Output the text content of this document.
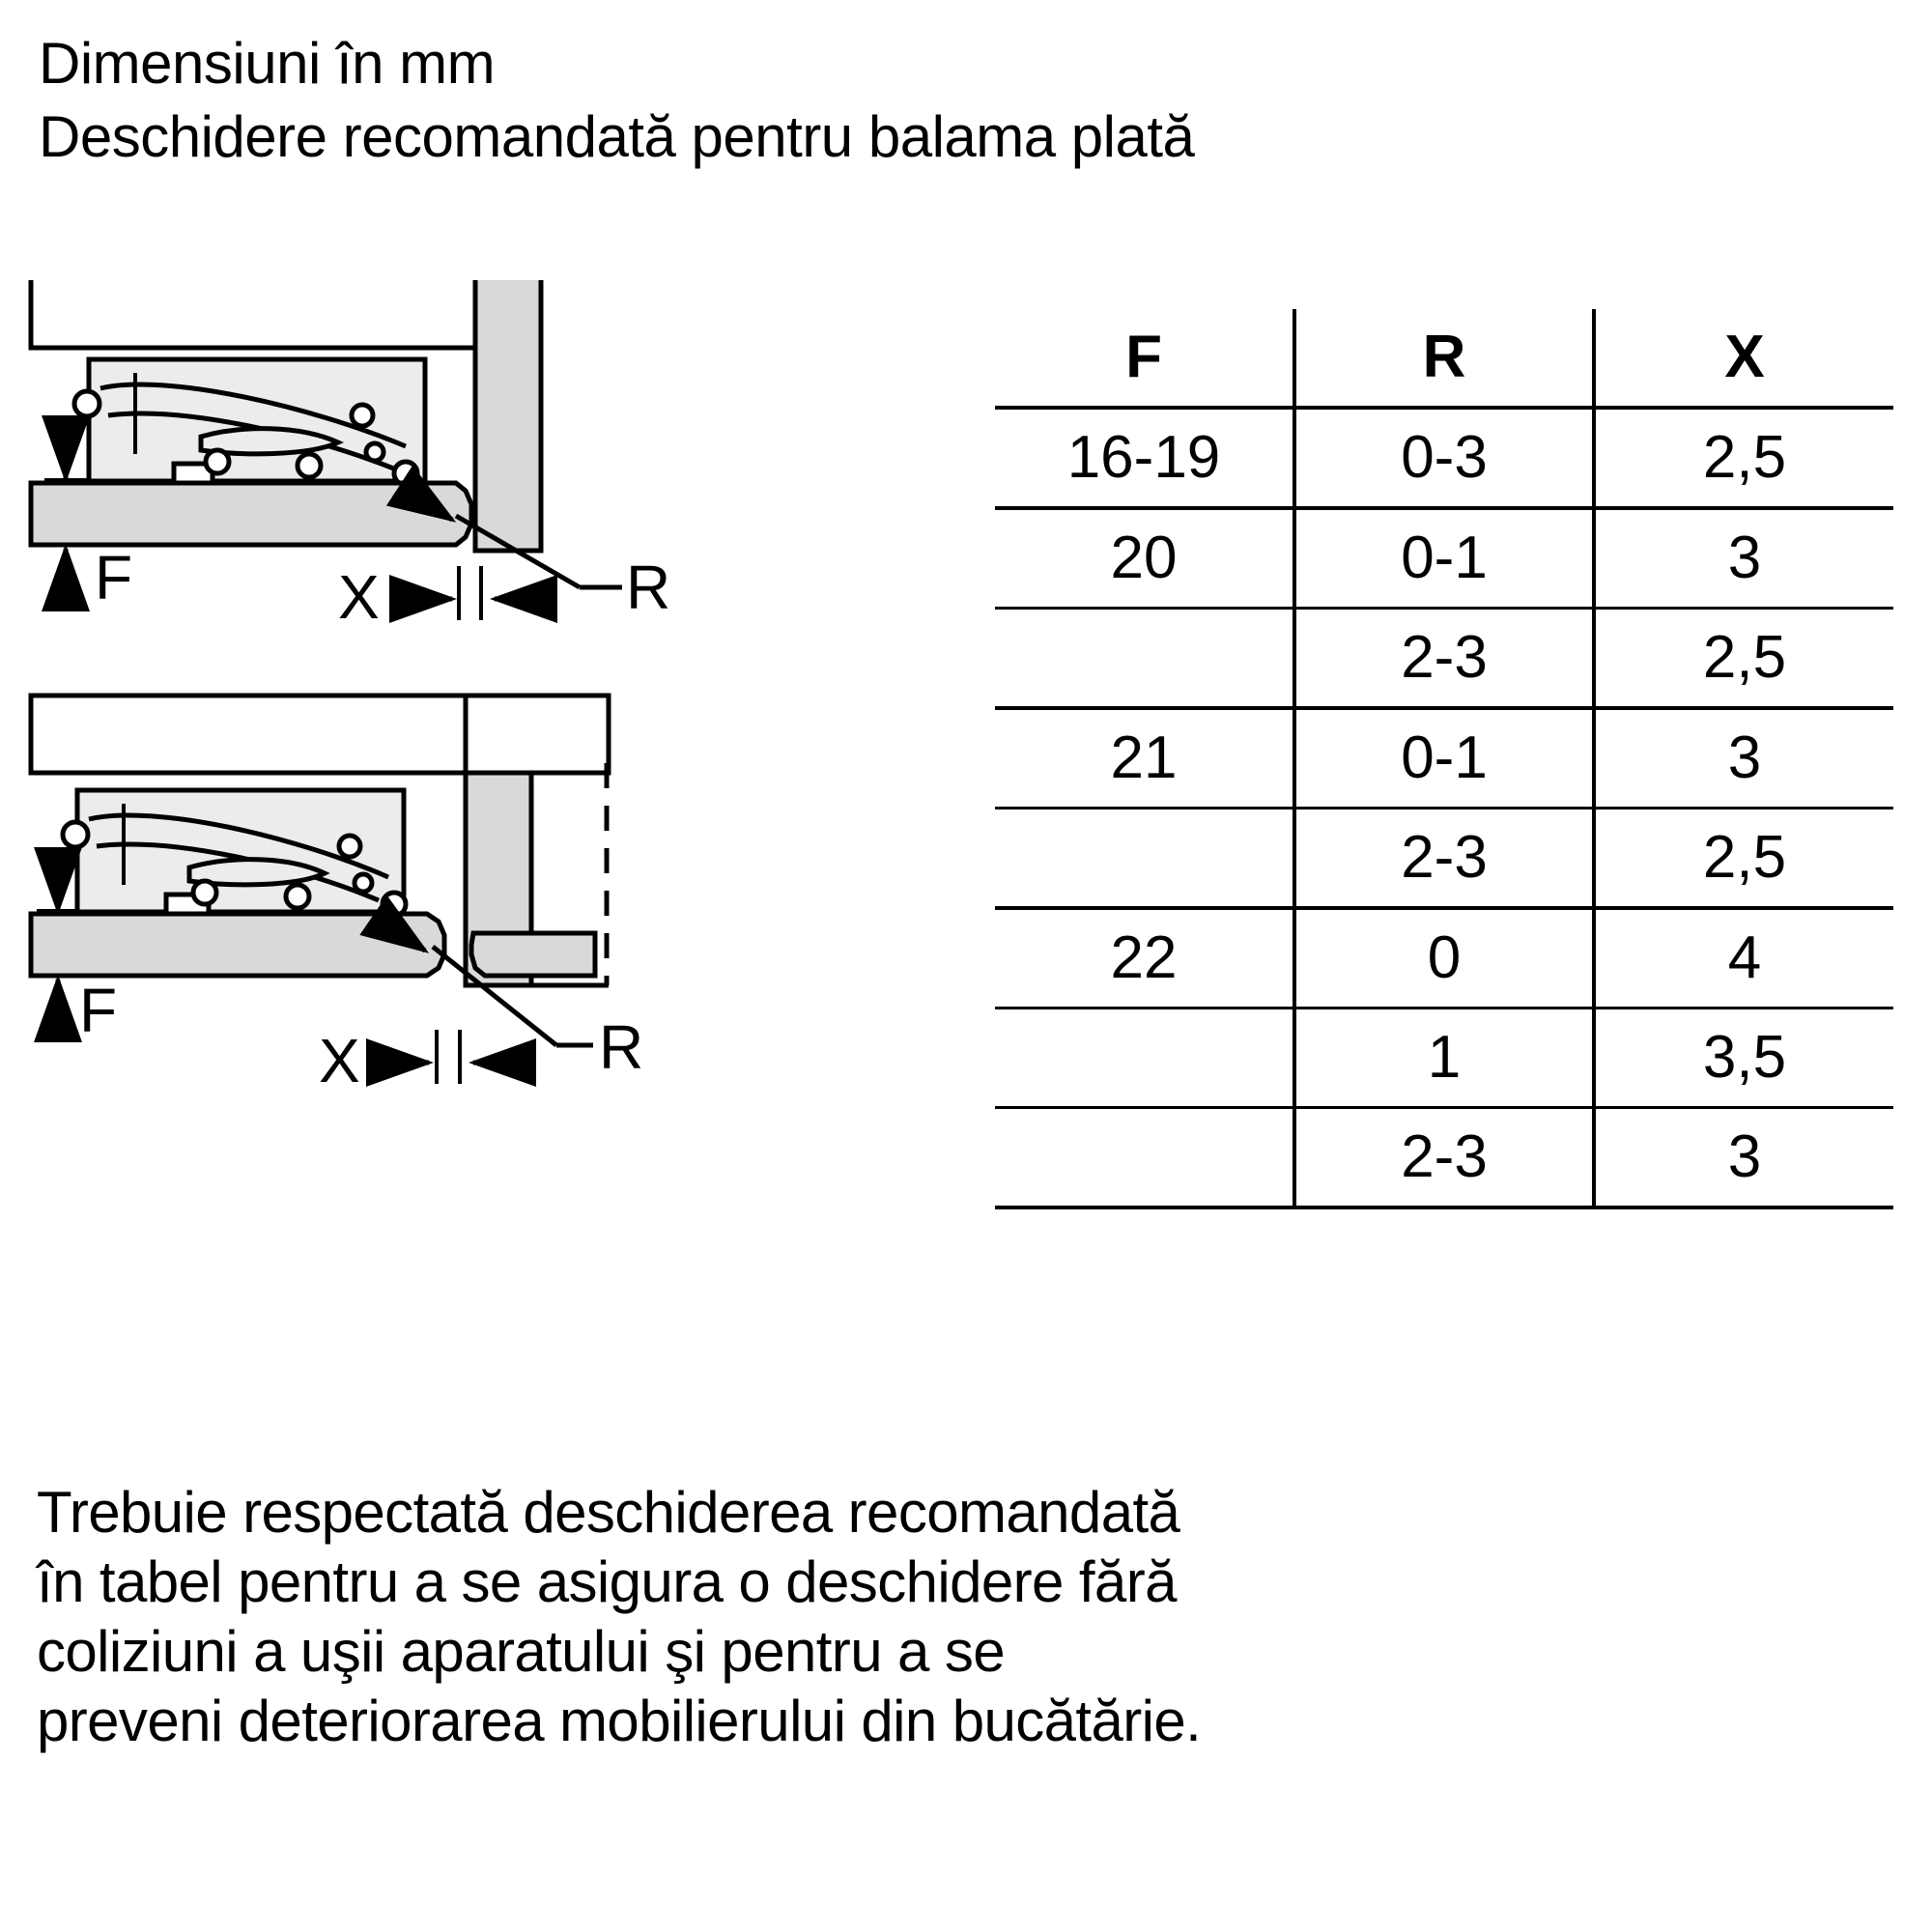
Dimensiuni în mm
Deschidere recomandată pentru balama plată
F	X	R
F
X	R
F	R	X
16-19	0-3	2,5
20	0-1	3
	2-3	2,5
21	0-1	3
	2-3	2,5
22	0	4
	1	3,5
	2-3	3
Trebuie respectată deschiderea recomandată
în tabel pentru a se asigura o deschidere fără
coliziuni a uşii aparatului şi pentru a se
preveni deteriorarea mobilierului din bucătărie.
